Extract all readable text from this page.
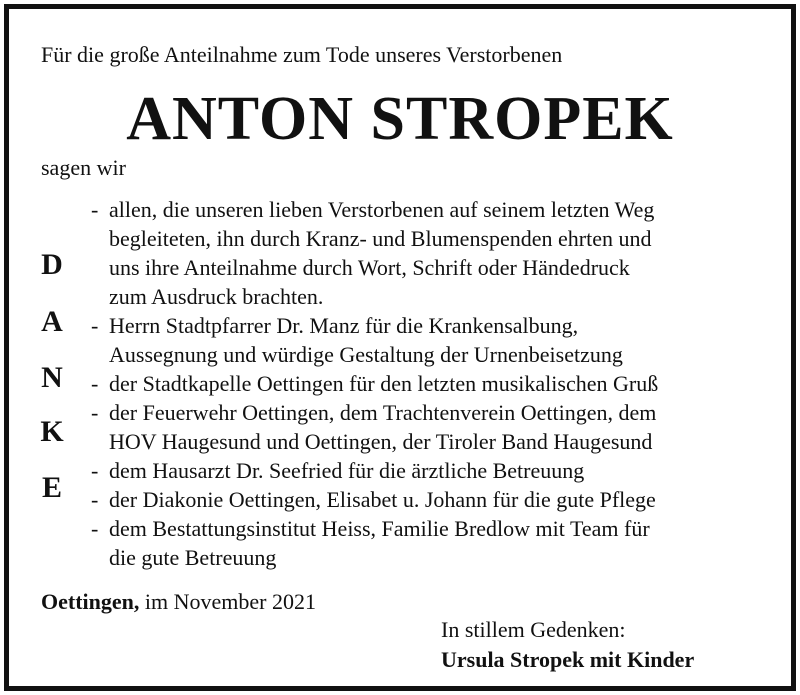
Für die große Anteilnahme zum Tode unseres Verstorbenen
ANTON STROPEK
sagen wir
D
A
N
K
E
- allen, die unseren lieben Verstorbenen auf seinem letzten Weg
begleiteten, ihn durch Kranz- und Blumenspenden ehrten und
uns ihre Anteilnahme durch Wort, Schrift oder Händedruck
zum Ausdruck brachten.
- Herrn Stadtpfarrer Dr. Manz für die Krankensalbung,
Aussegnung und würdige Gestaltung der Urnenbeisetzung
- der Stadtkapelle Oettingen für den letzten musikalischen Gruß
- der Feuerwehr Oettingen, dem Trachtenverein Oettingen, dem
HOV Haugesund und Oettingen, der Tiroler Band Haugesund
- dem Hausarzt Dr. Seefried für die ärztliche Betreuung
- der Diakonie Oettingen, Elisabet u. Johann für die gute Pflege
- dem Bestattungsinstitut Heiss, Familie Bredlow mit Team für
die gute Betreuung
Oettingen, im November 2021
In stillem Gedenken:
Ursula Stropek mit Kinder
